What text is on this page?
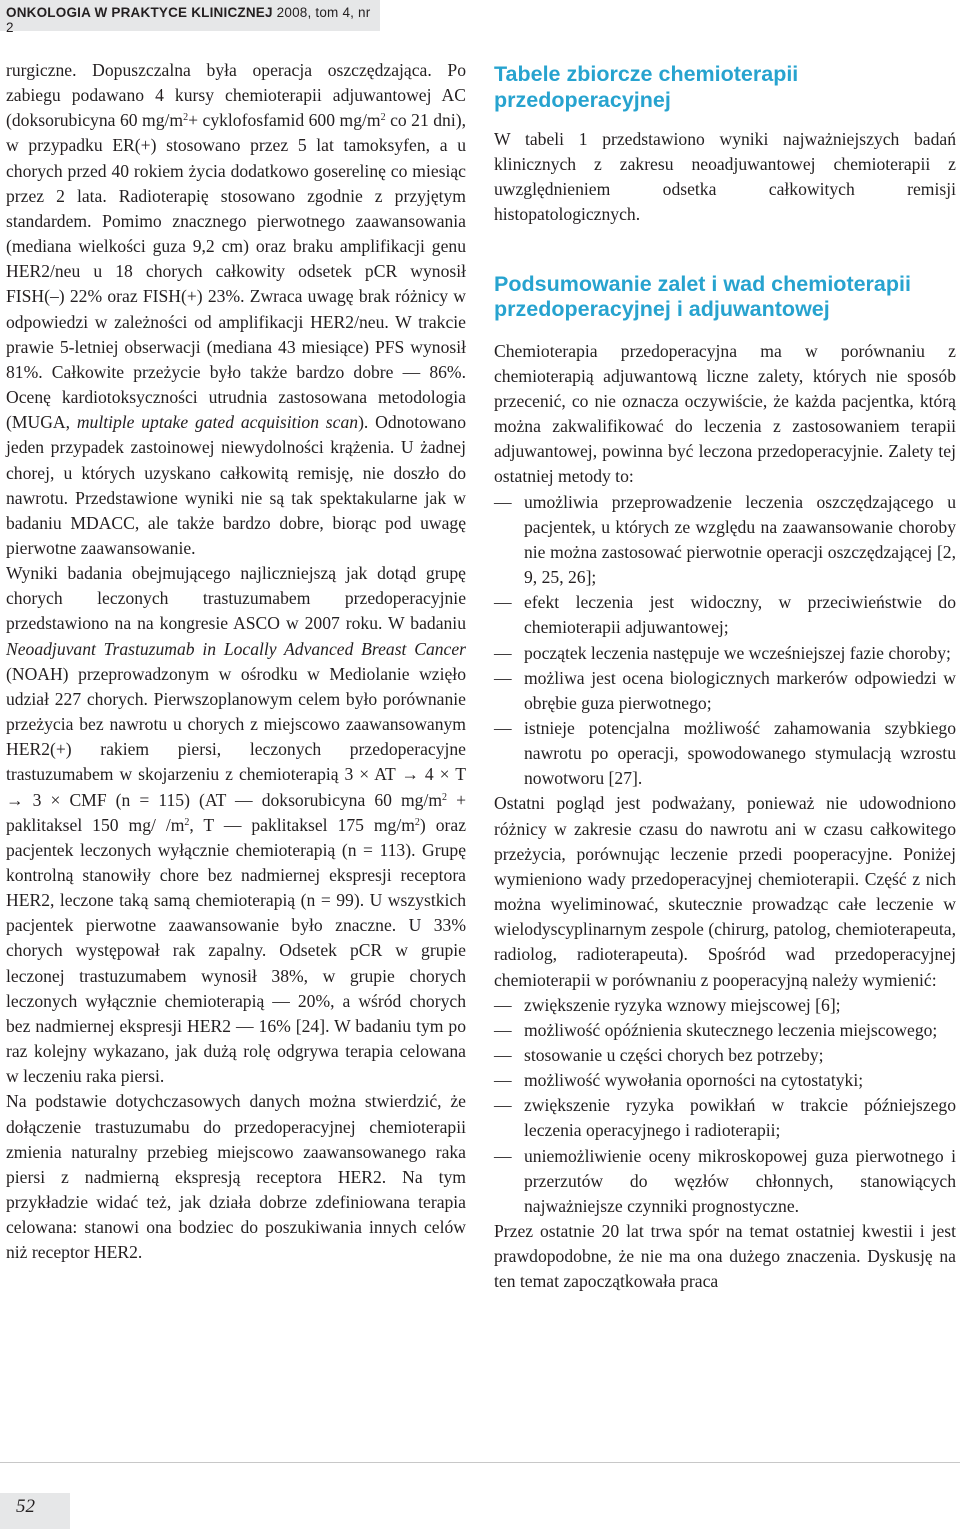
ONKOLOGIA W PRAKTYCE KLINICZNEJ 2008, tom 4, nr 2

rurgiczne. Dopuszczalna była operacja oszczędzająca. Po zabiegu podawano 4 kursy chemioterapii adjuwantowej AC (doksorubicyna 60 $mg/m^2+$ cyklofosfamid 600 $mg/m^2$ co 21 dni), w przypadku ER(+) stosowano przez 5 lat tamoksyfen, a u chorych przed 40 rokiem życia dodatkowo goserelinę co miesiąc przez 2 lata. Radioterapię stosowano zgodnie z przyjętym standardem. Pomimo znacznego pierwotnego zaawansowania (mediana wielkości guza 9,2 cm) oraz braku amplifikacji genu HER2/neu u 18 chorych całkowity odsetek pCR wynosił FISH(–) 22% oraz FISH(+) 23%. Zwraca uwagę brak różnicy w odpowiedzi w zależności od amplifikacji HER2/neu. W trakcie prawie 5-letniej obserwacji (mediana 43 miesiące) PFS wynosił 81%. Całkowite przeżycie było także bardzo dobre — 86%. Ocenę kardiotoksyczności utrudnia zastosowana metodologia (MUGA, multiple uptake gated acquisition scan). Odnotowano jeden przypadek zastoinowej niewydolności krążenia. U żadnej chorej, u których uzyskano całkowitą remisję, nie doszło do nawrotu. Przedstawione wyniki nie są tak spektakularne jak w badaniu MDACC, ale także bardzo dobre, biorąc pod uwagę pierwotne zaawansowanie.

Wyniki badania obejmującego najliczniejszą jak dotąd grupę chorych leczonych trastuzumabem przedoperacyjnie przedstawiono na na kongresie ASCO w 2007 roku. W badaniu Neoadjuvant Trastuzumab in Locally Advanced Breast Cancer (NOAH) przeprowadzonym w ośrodku w Mediolanie wzięło udział 227 chorych. Pierwszoplanowym celem było porównanie przeżycia bez nawrotu u chorych z miejscowo zaawansowanym HER2(+) rakiem piersi, leczonych przedoperacyjne trastuzumabem w skojarzeniu z chemioterapią 3 × AT → 4 × T → 3 × CMF (n = 115) (AT — doksorubicyna 60 $mg/m^2$ + paklitaksel 150 mg/ $/m^2$, T — paklitaksel 175 $mg/m^2$) oraz pacjentek leczonych wyłącznie chemioterapią (n = 113). Grupę kontrolną stanowiły chore bez nadmiernej ekspresji receptora HER2, leczone taką samą chemioterapią (n = 99). U wszystkich pacjentek pierwotne zaawansowanie było znaczne. U 33% chorych występował rak zapalny. Odsetek pCR w grupie leczonej trastuzumabem wynosił 38%, w grupie chorych leczonych wyłącznie chemioterapią — 20%, a wśród chorych bez nadmiernej ekspresji HER2 — 16% [24]. W badaniu tym po raz kolejny wykazano, jak dużą rolę odgrywa terapia celowana w leczeniu raka piersi.

Na podstawie dotychczasowych danych można stwierdzić, że dołączenie trastuzumabu do przedoperacyjnej chemioterapii zmienia naturalny przebieg miejscowo zaawansowanego raka piersi z nadmierną ekspresją receptora HER2. Na tym przykładzie widać też, jak działa dobrze zdefiniowana terapia celowana: stanowi ona bodziec do poszukiwania innych celów niż receptor HER2.

Tabele zbiorcze chemioterapii przedoperacyjnej

W tabeli 1 przedstawiono wyniki najważniejszych badań klinicznych z zakresu neoadjuwantowej chemioterapii z uwzględnieniem odsetka całkowitych remisji histopatologicznych.

Podsumowanie zalet i wad chemioterapii przedoperacyjnej i adjuwantowej

Chemioterapia przedoperacyjna ma w porównaniu z chemioterapią adjuwantową liczne zalety, których nie sposób przecenić, co nie oznacza oczywiście, że każda pacjentka, którą można zakwalifikować do leczenia z zastosowaniem terapii adjuwantowej, powinna być leczona przedoperacyjnie. Zalety tej ostatniej metody to:

— umożliwia przeprowadzenie leczenia oszczędzającego u pacjentek, u których ze względu na zaawansowanie choroby nie można zastosować pierwotnie operacji oszczędzającej [2, 9, 25, 26];
— efekt leczenia jest widoczny, w przeciwieństwie do chemioterapii adjuwantowej;
— początek leczenia następuje we wcześniejszej fazie choroby;
— możliwa jest ocena biologicznych markerów odpowiedzi w obrębie guza pierwotnego;
— istnieje potencjalna możliwość zahamowania szybkiego nawrotu po operacji, spowodowanego stymulacją wzrostu nowotworu [27].

Ostatni pogląd jest podważany, ponieważ nie udowodniono różnicy w zakresie czasu do nawrotu ani w czasu całkowitego przeżycia, porównując leczenie przedi pooperacyjne. Poniżej wymieniono wady przedoperacyjnej chemioterapii. Część z nich można wyeliminować, skutecznie prowadząc całe leczenie w wielodyscyplinarnym zespole (chirurg, patolog, chemioterapeuta, radiolog, radioterapeuta). Spośród wad przedoperacyjnej chemioterapii w porównaniu z pooperacyjną należy wymienić:

— zwiększenie ryzyka wznowy miejscowej [6];
— możliwość opóźnienia skutecznego leczenia miejscowego;
— stosowanie u części chorych bez potrzeby;
— możliwość wywołania oporności na cytostatyki;
— zwiększenie ryzyka powikłań w trakcie późniejszego leczenia operacyjnego i radioterapii;
— uniemożliwienie oceny mikroskopowej guza pierwotnego i przerzutów do węzłów chłonnych, stanowiących najważniejsze czynniki prognostyczne.

Przez ostatnie 20 lat trwa spór na temat ostatniej kwestii i jest prawdopodobne, że nie ma ona dużego znaczenia. Dyskusję na ten temat zapoczątkowała praca

52
